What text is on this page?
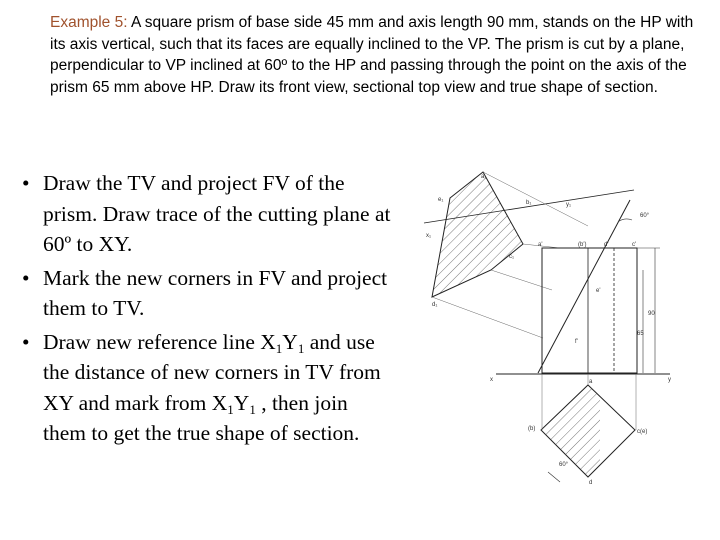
Example 5: A square prism of base side 45 mm and axis length 90 mm, stands on the HP with its axis vertical, such that its faces are equally inclined to the VP. The prism is cut by a plane, perpendicular to VP inclined at 60º to the HP and passing through the point on the axis of the prism 65 mm above HP. Draw its front view, sectional top view and true shape of section.
• Draw the TV and project FV of the prism. Draw trace of the cutting plane at 60º to XY.
• Mark the new corners in FV and project them to TV.
• Draw new reference line $X_1Y_1$ and use the distance of new corners in TV from XY and mark from $X_1Y_1$ , then join them to get the true shape of section.
a₁
e₁	b₁
c₁
d₁
x₁
y₁
60°
90
65
x	y
a'	(b')	d'	c'
e'
f'
a
(b)	c(e)
d
60°
